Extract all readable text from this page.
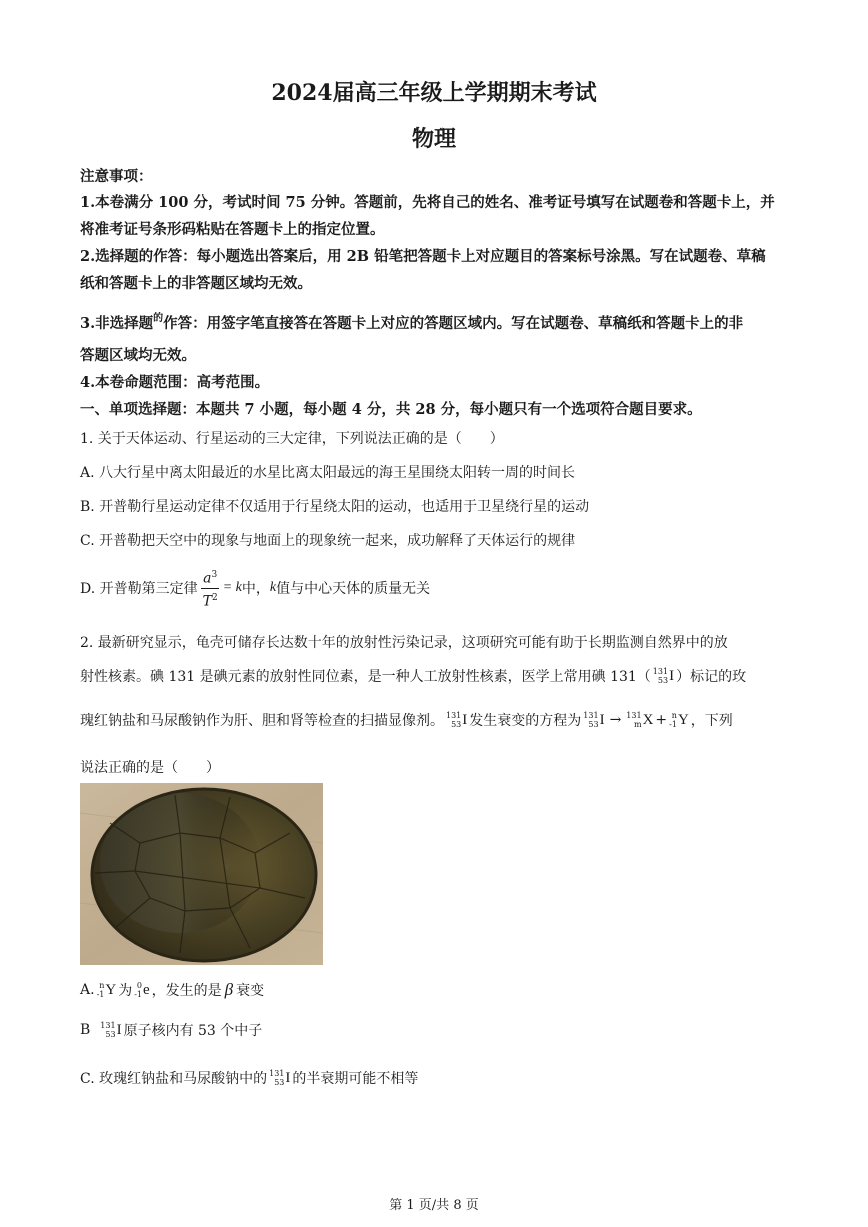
2024届高三年级上学期期末考试
物理
注意事项：
1.本卷满分 100 分，考试时间 75 分钟。答题前，先将自己的姓名、准考证号填写在试题卷和答题卡上，并
将准考证号条形码粘贴在答题卡上的指定位置。
2.选择题的作答：每小题选出答案后，用 2B 铅笔把答题卡上对应题目的答案标号涂黑。写在试题卷、草稿
纸和答题卡上的非答题区域均无效。
3.非选择题$^的$作答：用签字笔直接答在答题卡上对应的答题区域内。写在试题卷、草稿纸和答题卡上的非
答题区域均无效。
4.本卷命题范围：高考范围。
一、单项选择题：本题共 7 小题，每小题 4 分，共 28 分，每小题只有一个选项符合题目要求。
1. 关于天体运动、行星运动的三大定律，下列说法正确的是（　　）
A. 八大行星中离太阳最近的水星比离太阳最远的海王星围绕太阳转一周的时间长
B. 开普勒行星运动定律不仅适用于行星绕太阳的运动，也适用于卫星绕行星的运动
C. 开普勒把天空中的现象与地面上的现象统一起来，成功解释了天体运行的规律
D. 开普勒第三定律 $\frac{a^3}{T^2} = k$ 中， k 值与中心天体的质量无关
2. 最新研究显示，龟壳可储存长达数十年的放射性污染记录，这项研究可能有助于长期监测自然界中的放
射性核素。碘 131 是碘元素的放射性同位素，是一种人工放射性核素，医学上常用碘 131（ 131
53 I ）标记的玫
瑰红钠盐和马尿酸钠作为肝、胆和肾等检查的扫描显像剂。 131
53 I 发生衰变的方程为 131
53 I → 131
m X + n
-1 Y ，下列
说法正确的是（　　）
A. n
-1 Y 为 0
-1 e ，发生的是 β 衰变
B 131
53 I 原子核内有 53 个中子
C. 玫瑰红钠盐和马尿酸钠中的 131
53 I 的半衰期可能不相等
第 1 页/共 8 页
